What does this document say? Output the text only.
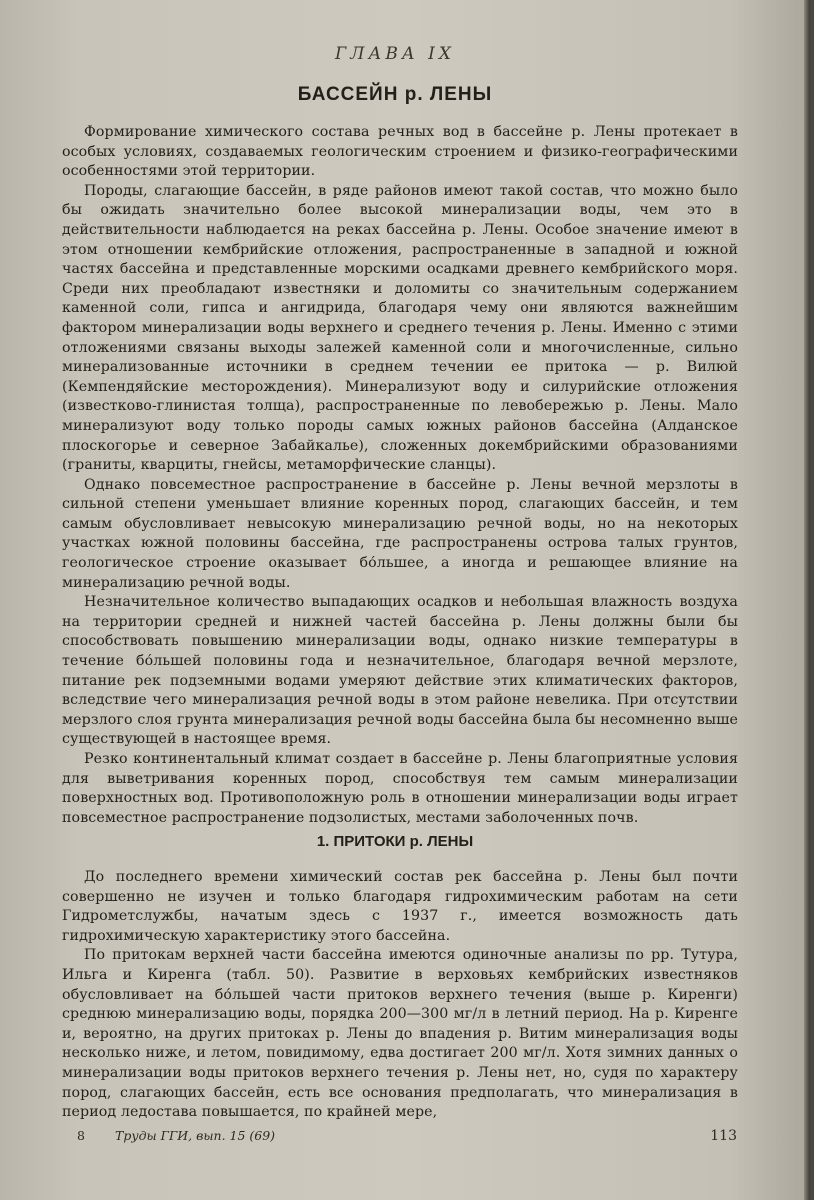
ГЛАВА IX
БАССЕЙН р. ЛЕНЫ

Формирование химического состава речных вод в бассейне р. Лены протекает в особых условиях, создаваемых геологическим строением и физико-географическими особенностями этой территории.

Породы, слагающие бассейн, в ряде районов имеют такой состав, что можно было бы ожидать значительно более высокой минерализации воды, чем это в действительности наблюдается на реках бассейна р. Лены. Особое значение имеют в этом отношении кембрийские отложения, распространенные в западной и южной частях бассейна и представленные морскими осадками древнего кембрийского моря. Среди них преобладают известняки и доломиты со значительным содержанием каменной соли, гипса и ангидрида, благодаря чему они являются важнейшим фактором минерализации воды верхнего и среднего течения р. Лены. Именно с этими отложениями связаны выходы залежей каменной соли и многочисленные, сильно минерализованные источники в среднем течении ее притока — р. Вилюй (Кемпендяйские месторождения). Минерализуют воду и силурийские отложения (известково-глинистая толща), распространенные по левобережью р. Лены. Мало минерализуют воду только породы самых южных районов бассейна (Алданское плоскогорье и северное Забайкалье), сложенных докембрийскими образованиями (граниты, кварциты, гнейсы, метаморфические сланцы).

Однако повсеместное распространение в бассейне р. Лены вечной мерзлоты в сильной степени уменьшает влияние коренных пород, слагающих бассейн, и тем самым обусловливает невысокую минерализацию речной воды, но на некоторых участках южной половины бассейна, где распространены острова талых грунтов, геологическое строение оказывает бо́льшее, а иногда и решающее влияние на минерализацию речной воды.

Незначительное количество выпадающих осадков и небольшая влажность воздуха на территории средней и нижней частей бассейна р. Лены должны были бы способствовать повышению минерализации воды, однако низкие температуры в течение бо́льшей половины года и незначительное, благодаря вечной мерзлоте, питание рек подземными водами умеряют действие этих климатических факторов, вследствие чего минерализация речной воды в этом районе невелика. При отсутствии мерзлого слоя грунта минерализация речной воды бассейна была бы несомненно выше существующей в настоящее время.

Резко континентальный климат создает в бассейне р. Лены благоприятные условия для выветривания коренных пород, способствуя тем самым минерализации поверхностных вод. Противоположную роль в отношении минерализации воды играет повсеместное распространение подзолистых, местами заболоченных почв.

1. ПРИТОКИ р. ЛЕНЫ

До последнего времени химический состав рек бассейна р. Лены был почти совершенно не изучен и только благодаря гидрохимическим работам на сети Гидрометслужбы, начатым здесь с 1937 г., имеется возможность дать гидрохимическую характеристику этого бассейна.

По притокам верхней части бассейна имеются одиночные анализы по рр. Тутура, Ильга и Киренга (табл. 50). Развитие в верховьях кембрийских известняков обусловливает на бо́льшей части притоков верхнего течения (выше р. Киренги) среднюю минерализацию воды, порядка 200—300 мг/л в летний период. На р. Киренге и, вероятно, на других притоках р. Лены до впадения р. Витим минерализация воды несколько ниже, и летом, повидимому, едва достигает 200 мг/л. Хотя зимних данных о минерализации воды притоков верхнего течения р. Лены нет, но, судя по характеру пород, слагающих бассейн, есть все основания предполагать, что минерализация в период ледостава повышается, по крайней мере,

8 Труды ГГИ, вып. 15 (69)	113
